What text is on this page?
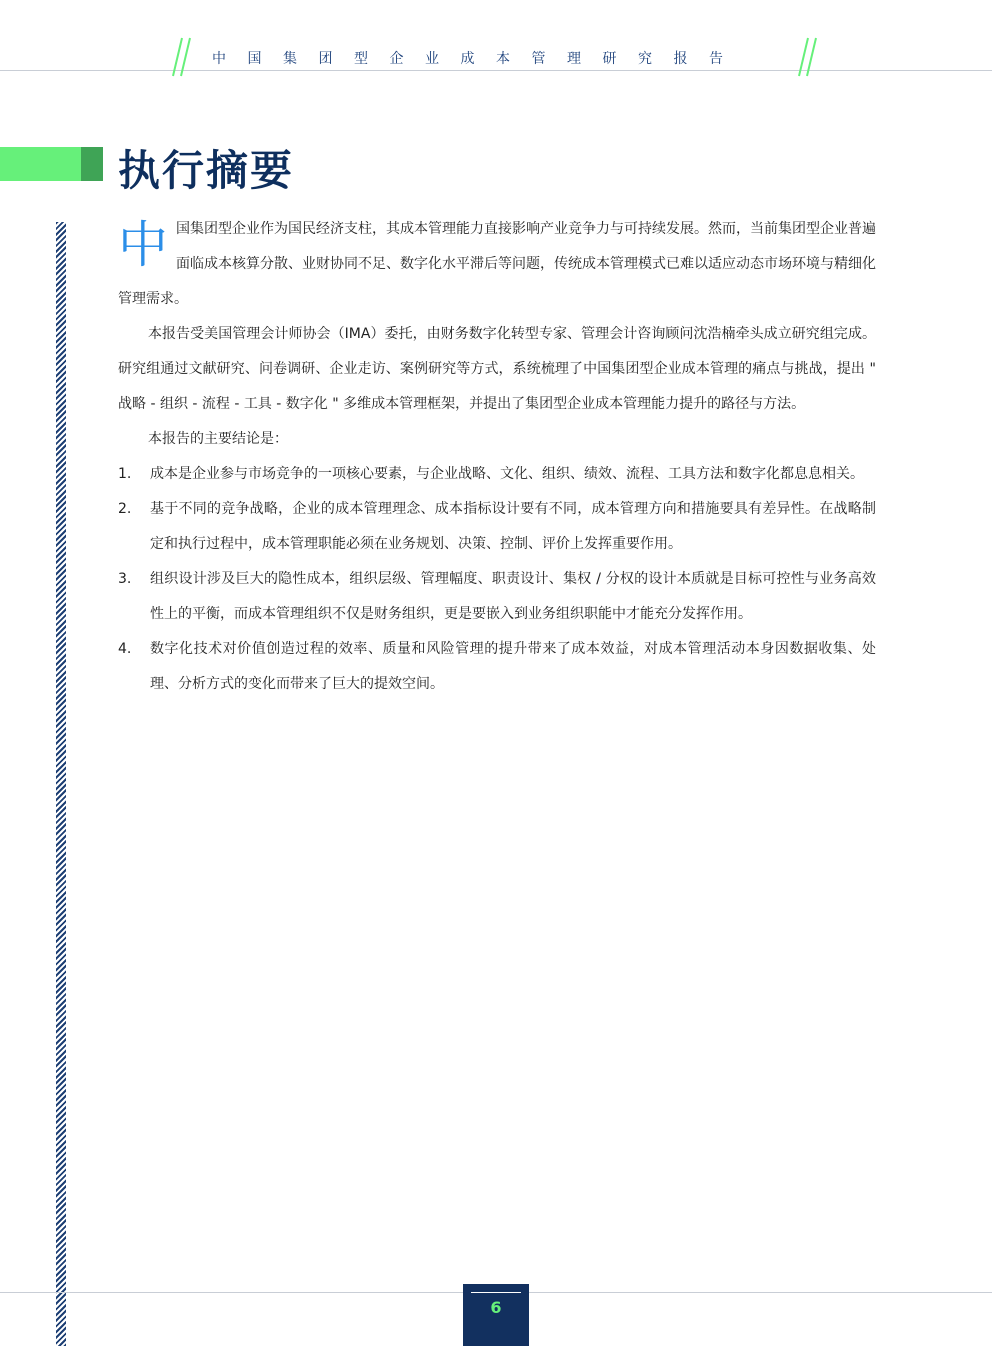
中国集团型企业成本管理研究报告
执行摘要

中国集团型企业作为国民经济支柱，其成本管理能力直接影响产业竞争力与可持续发展。然而，当前集团型企业普遍面临成本核算分散、业财协同不足、数字化水平滞后等问题，传统成本管理模式已难以适应动态市场环境与精细化管理需求。

本报告受美国管理会计师协会（IMA）委托，由财务数字化转型专家、管理会计咨询顾问沈浩楠牵头成立研究组完成。研究组通过文献研究、问卷调研、企业走访、案例研究等方式，系统梳理了中国集团型企业成本管理的痛点与挑战，提出 " 战略 - 组织 - 流程 - 工具 - 数字化 " 多维成本管理框架，并提出了集团型企业成本管理能力提升的路径与方法。

本报告的主要结论是：

1. 成本是企业参与市场竞争的一项核心要素，与企业战略、文化、组织、绩效、流程、工具方法和数字化都息息相关。
2. 基于不同的竞争战略，企业的成本管理理念、成本指标设计要有不同，成本管理方向和措施要具有差异性。在战略制定和执行过程中，成本管理职能必须在业务规划、决策、控制、评价上发挥重要作用。
3. 组织设计涉及巨大的隐性成本，组织层级、管理幅度、职责设计、集权 / 分权的设计本质就是目标可控性与业务高效性上的平衡，而成本管理组织不仅是财务组织，更是要嵌入到业务组织职能中才能充分发挥作用。
4. 数字化技术对价值创造过程的效率、质量和风险管理的提升带来了成本效益，对成本管理活动本身因数据收集、处理、分析方式的变化而带来了巨大的提效空间。
6
